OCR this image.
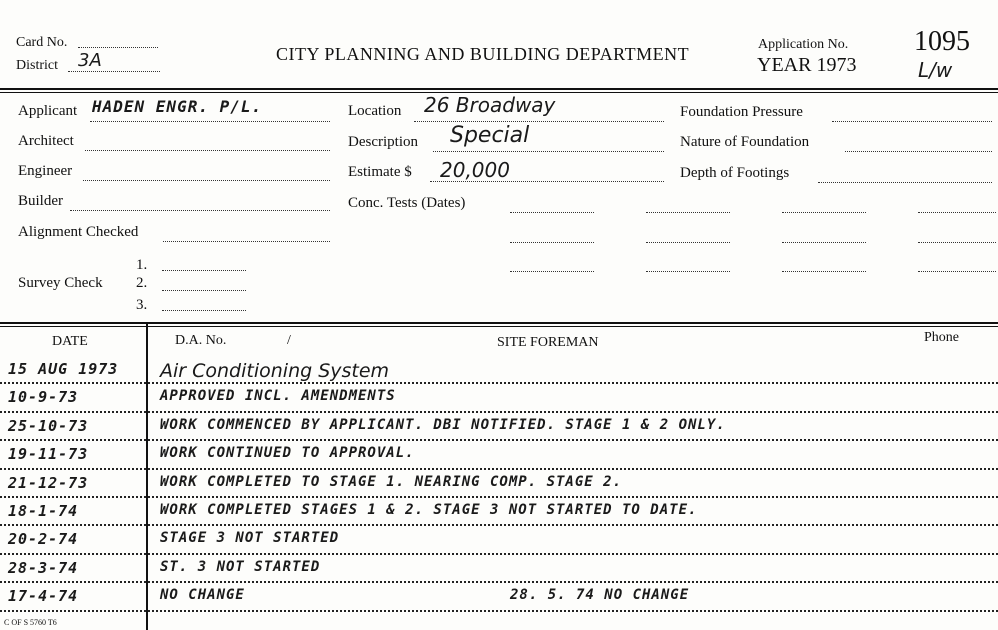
Card No.
District 3A	CITY PLANNING AND BUILDING DEPARTMENT	Application No.
YEAR 1973
1095
L/w
Applicant HADEN ENGR. P/L.
Architect
Engineer
Builder
Alignment Checked
Survey Check
1.
2.
3.
Location 26 Broadway
Description Special
Estimate $ 20,000
Conc. Tests (Dates)
Foundation Pressure
Nature of Foundation
Depth of Footings
DATE	D.A. No.	/	SITE FOREMAN	Phone
15 AUG 1973 Air Conditioning System
10-9-73	APPROVED INCL. AMENDMENTS
25-10-73	WORK COMMENCED BY APPLICANT. DBI NOTIFIED. STAGE 1 & 2 ONLY.
19-11-73	WORK CONTINUED TO APPROVAL.
21-12-73	WORK COMPLETED TO STAGE 1. NEARING COMP. STAGE 2.
18-1-74	WORK COMPLETED STAGES 1 & 2. STAGE 3 NOT STARTED TO DATE.
20-2-74	STAGE 3 NOT STARTED
28-3-74	ST. 3 NOT STARTED
17-4-74	NO CHANGE	28. 5. 74 NO CHANGE
C OF S 5760 T6
